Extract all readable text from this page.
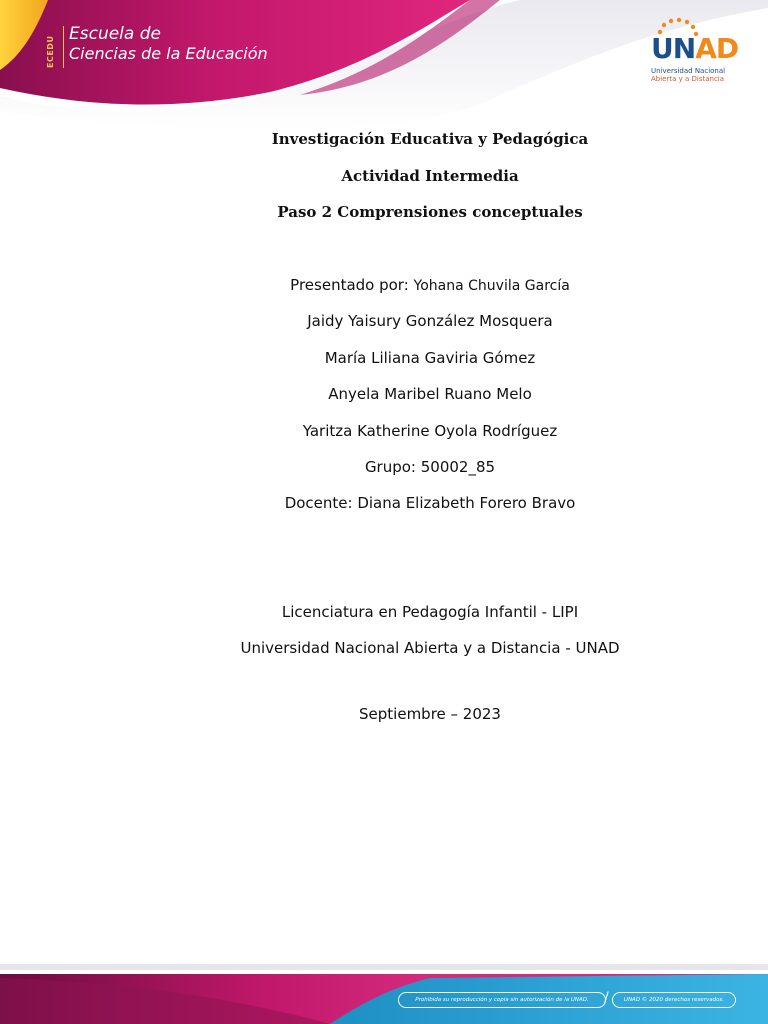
ECEDU
Escuela de
Ciencias de la Educación	UNAD
Universidad Nacional
Abierta y a Distancia
Investigación Educativa y Pedagógica
Actividad Intermedia
Paso 2 Comprensiones conceptuales
Presentado por: Yohana Chuvila García
Jaidy Yaisury González Mosquera
María Liliana Gaviria Gómez
Anyela Maribel Ruano Melo
Yaritza Katherine Oyola Rodríguez
Grupo: 50002_85
Docente: Diana Elizabeth Forero Bravo
Licenciatura en Pedagogía Infantil - LIPI
Universidad Nacional Abierta y a Distancia - UNAD
Septiembre – 2023
Prohibida su reproducción y copia sin autorización de la UNAD.	/	UNAD © 2020 derechos reservados.
